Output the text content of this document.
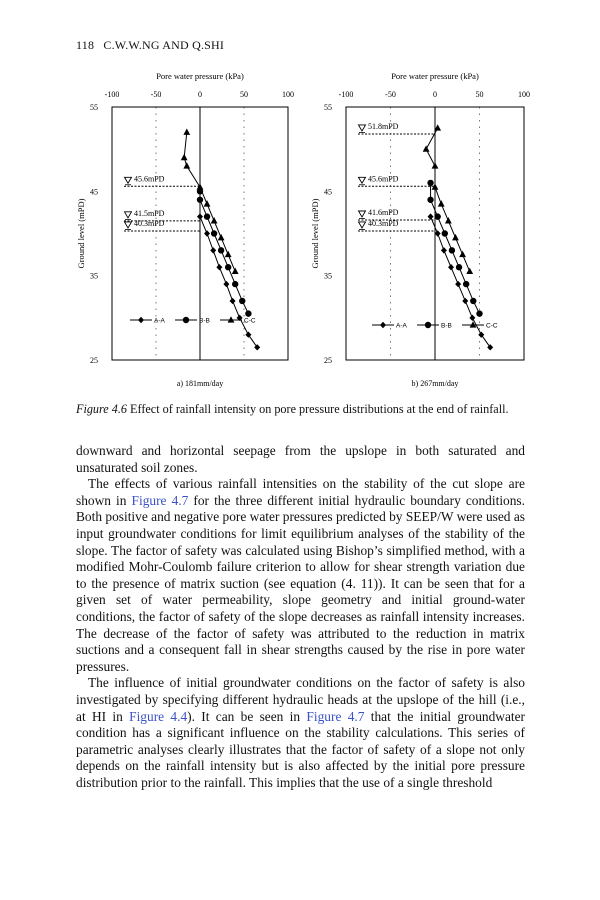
118 C.W.W.NG AND Q.SHI
Pore water pressure (kPa)
-100	-50	0	50	100
55
45
35
25
Ground level (mPD)
45.6mPD
41.5mPD
40.3mPD
A-A	B-B	C-C
a) 181mm/day
Pore water pressure (kPa)
-100	-50	0	50	100
55
45
35
25
Ground level (mPD)
51.8mPD
45.6mPD
41.6mPD
40.3mPD
A-A	B-B	C-C
b) 267mm/day
Figure 4.6 Effect of rainfall intensity on pore pressure distributions at the end of rainfall.

downward and horizontal seepage from the upslope in both saturated and unsaturated soil zones.

The effects of various rainfall intensities on the stability of the cut slope are shown in Figure 4.7 for the three different initial hydraulic boundary conditions. Both positive and negative pore water pressures predicted by SEEP/W were used as input groundwater conditions for limit equilibrium analyses of the stability of the slope. The factor of safety was calculated using Bishop’s simplified method, with a modified Mohr-Coulomb failure criterion to allow for shear strength variation due to the presence of matrix suction (see equation (4. 11)). It can be seen that for a given set of water permeability, slope geometry and initial ground-water conditions, the factor of safety of the slope decreases as rainfall intensity increases. The decrease of the factor of safety was attributed to the reduction in matrix suctions and a consequent fall in shear strengths caused by the rise in pore water pressures.

The influence of initial groundwater conditions on the factor of safety is also investigated by specifying different hydraulic heads at the upslope of the hill (i.e., at HI in Figure 4.4). It can be seen in Figure 4.7 that the initial groundwater condition has a significant influence on the stability calculations. This series of parametric analyses clearly illustrates that the factor of safety of a slope not only depends on the rainfall intensity but is also affected by the initial pore pressure distribution prior to the rainfall. This implies that the use of a single threshold
